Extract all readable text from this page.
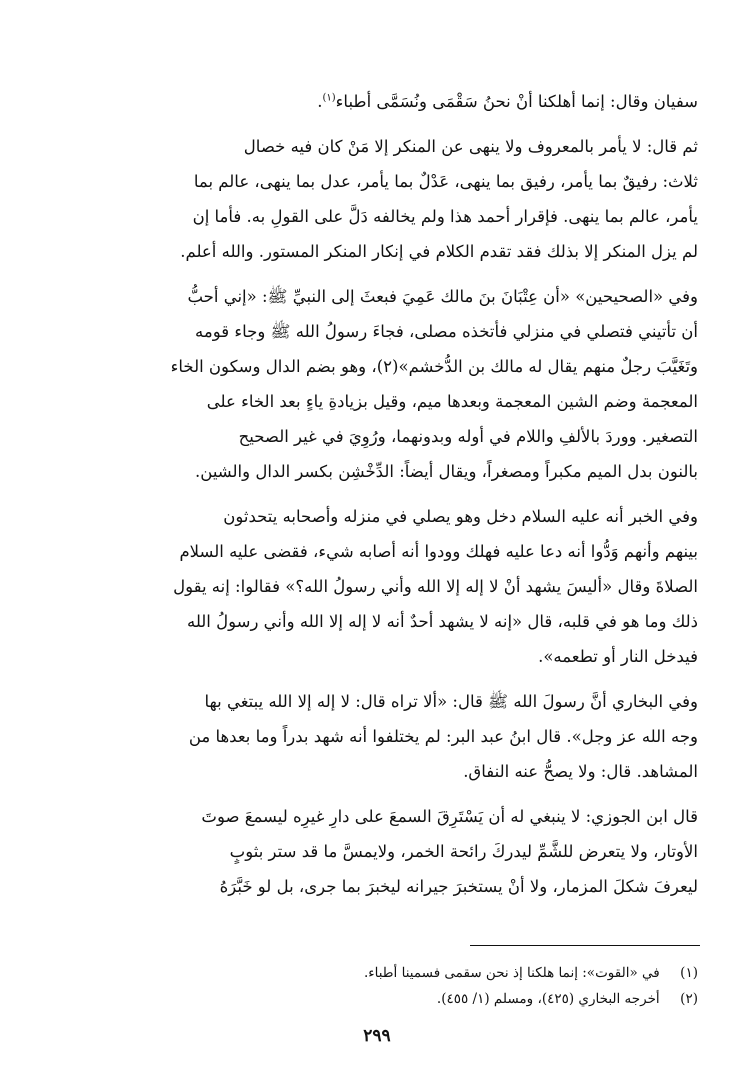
سفيان وقال: إنما أهلكنا أنْ نحنُ سَقْمَى ونُسَمَّى أطباء$^{(١)}$.
ثم قال: لا يأمر بالمعروف ولا ينهى عن المنكر إلا مَنْ كان فيه خصال
ثلاث: رفيقٌ بما يأمر، رفيق بما ينهى، عَدْلٌ بما يأمر، عدل بما ينهى، عالم بما
يأمر، عالم بما ينهى. فإقرار أحمد هذا ولم يخالفه دَلَّ على القولِ به. فأما إن
لم يزل المنكر إلا بذلك فقد تقدم الكلام في إنكار المنكر المستور. والله أعلم.
وفي «الصحيحين» «أن عِتْبَانَ بنَ مالك عَمِيَ فبعثَ إلى النبيِّ ﷺ: «إني أحبُّ
أن تأتيني فتصلي في منزلي فأتخذه مصلى، فجاءَ رسولُ الله ﷺ وجاء قومه
وتَغَيَّبَ رجلٌ منهم يقال له مالك بن الدُّخشم»(٢)، وهو بضم الدال وسكون الخاء
المعجمة وضم الشين المعجمة وبعدها ميم، وقيل بزيادةِ ياءٍ بعد الخاء على
التصغير. ووردَ بالألفِ واللام في أوله وبدونهما، ورُوِيَ في غير الصحيح
بالنون بدل الميم مكبراً ومصغراً، ويقال أيضاً: الدِّخْشِن بكسر الدال والشين.
وفي الخبر أنه عليه السلام دخل وهو يصلي في منزله وأصحابه يتحدثون
بينهم وأنهم وَدُّوا أنه دعا عليه فهلك وودوا أنه أصابه شيء، فقضى عليه السلام
الصلاةَ وقال «أليسَ يشهد أنْ لا إله إلا الله وأني رسولُ الله؟» فقالوا: إنه يقول
ذلك وما هو في قلبه، قال «إنه لا يشهد أحدٌ أنه لا إله إلا الله وأني رسولُ الله
فيدخل النار أو تطعمه».
وفي البخاري أنَّ رسولَ الله ﷺ قال: «ألا تراه قال: لا إله إلا الله يبتغي بها
وجه الله عز وجل». قال ابنُ عبد البر: لم يختلفوا أنه شهد بدراً وما بعدها من
المشاهد. قال: ولا يصحُّ عنه النفاق.
قال ابن الجوزي: لا ينبغي له أن يَسْتَرِقَ السمعَ على دارِ غيرِه ليسمعَ صوتَ
الأوتار، ولا يتعرض للشَّمِّ ليدركَ رائحة الخمر، ولايمسَّ ما قد ستر بثوبٍ
ليعرفَ شكلَ المزمار، ولا أنْ يستخبرَ جيرانه ليخبرَ بما جرى، بل لو خَبَّرَهُ
(١) في «القوت»: إنما هلكنا إذ نحن سقمى فسمينا أطباء.
(٢) أخرجه البخاري (٤٢٥)، ومسلم (١/ ٤٥٥).
٢٩٩
